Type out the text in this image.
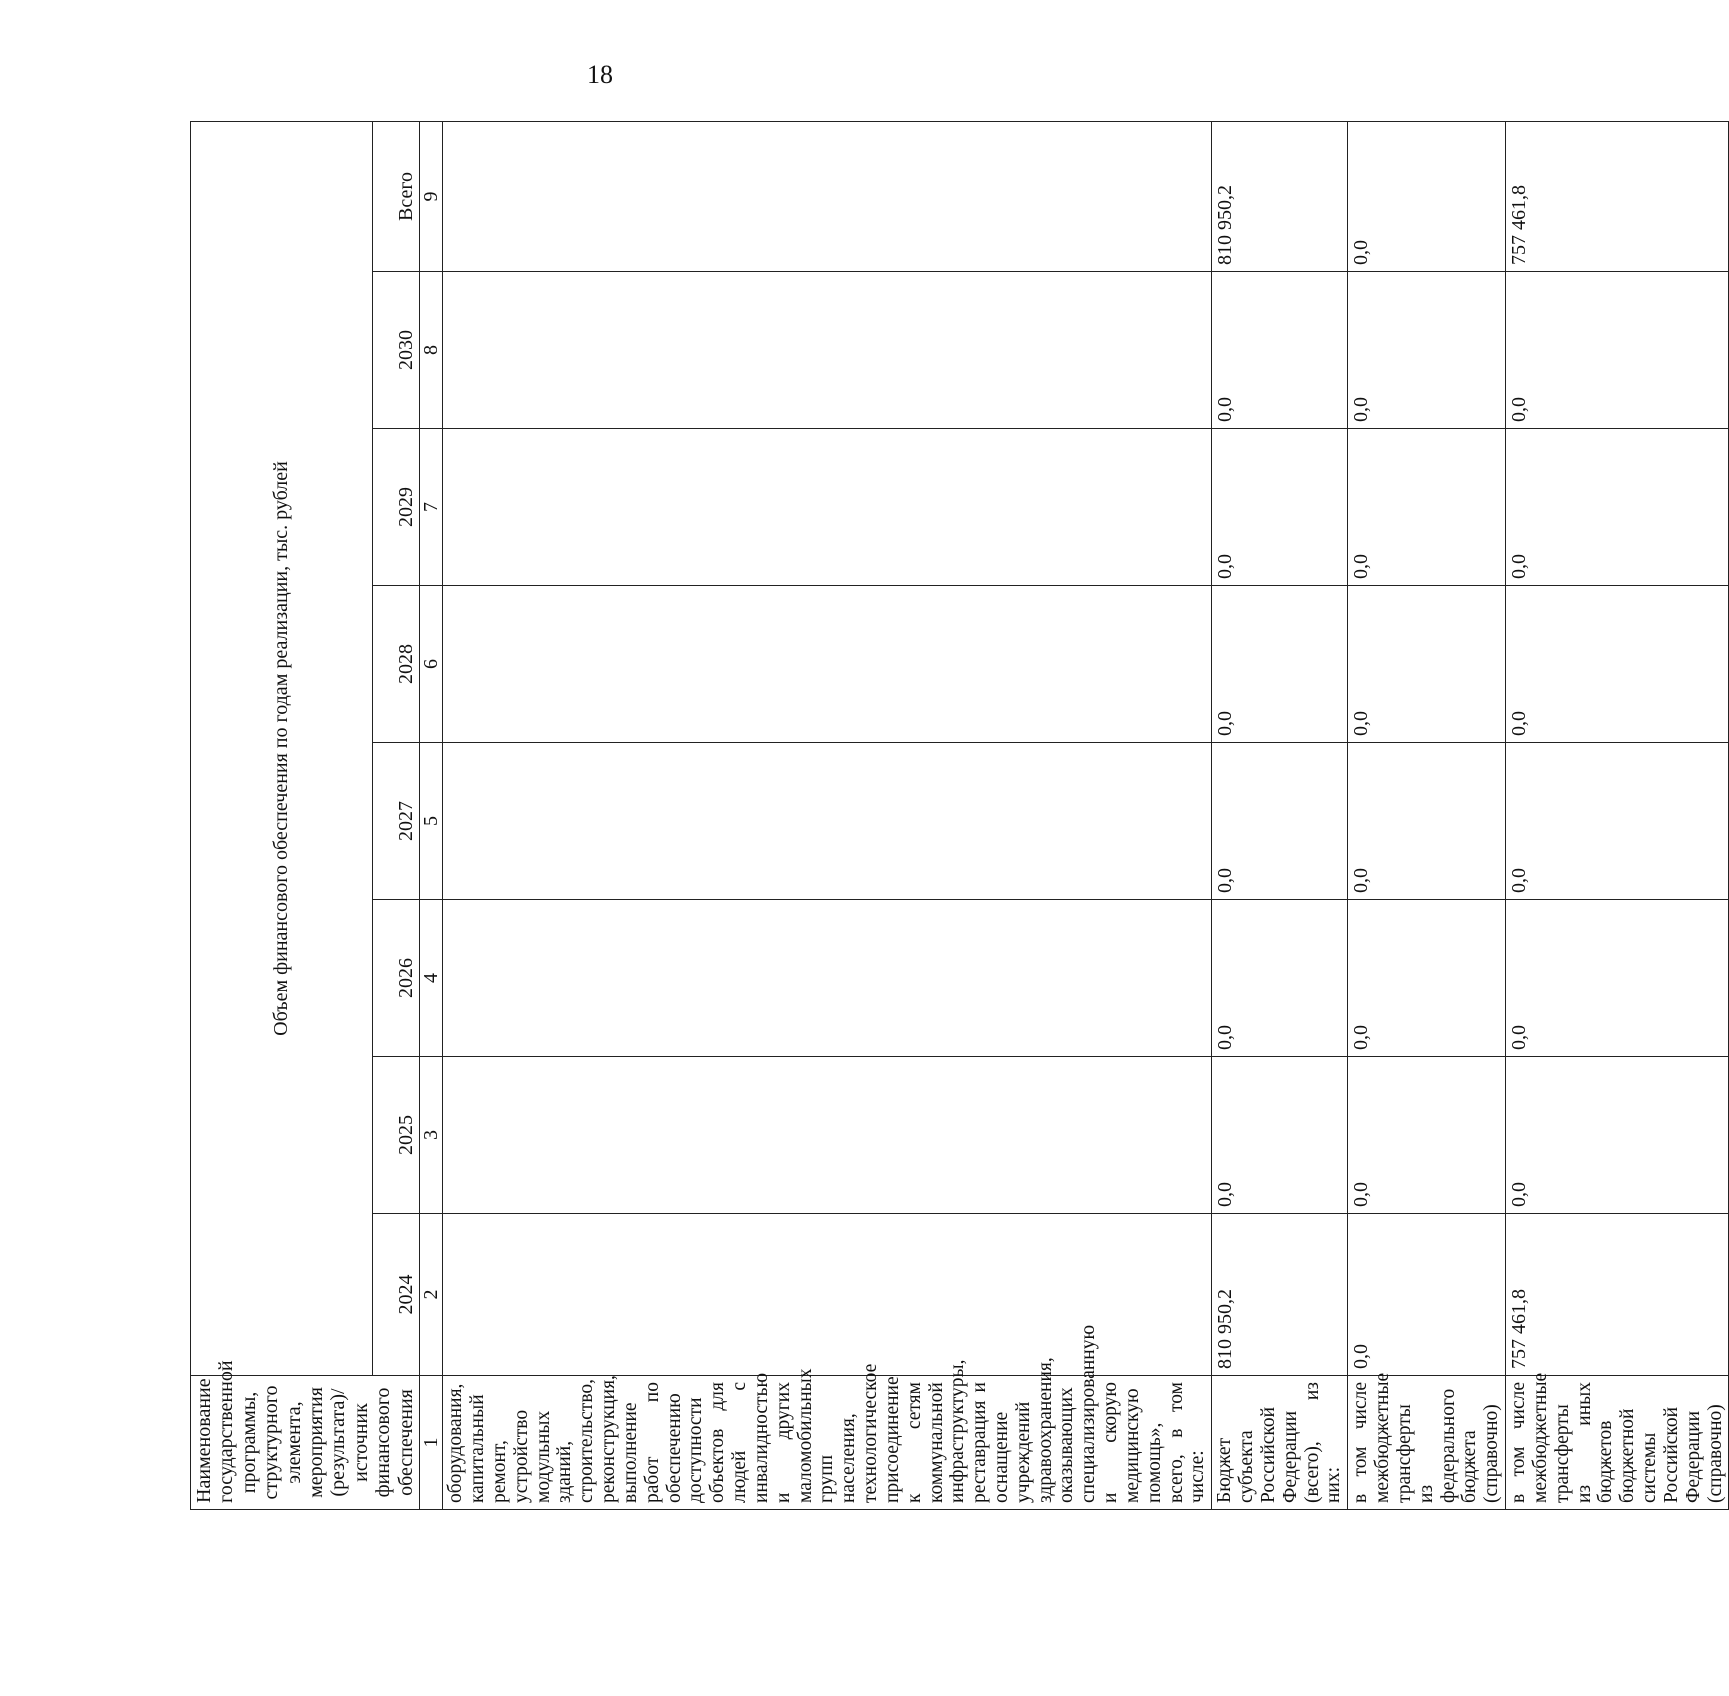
18
Наименование государственной программы, структурного элемента, мероприятия (результата)/источник финансового обеспечения	Объем финансового обеспечения по годам реализации, тыс. рублей							
	2024	2025	2026	2027	2028	2029	2030	Всего
1	2	3	4	5	6	7	8	9
оборудования, капитальный ремонт, устройство модульных зданий, строительство, реконструкция, выполнение работ по обеспечению доступности объектов для людей с инвалидностью и других маломобильных групп населения, технологическое присоединение к сетям коммунальной инфраструктуры, реставрация и оснащение учреждений здравоохранения, оказывающих специализированную и скорую медицинскую помощь», всего, в том числе:								
Бюджет субъекта Российской Федерации (всего), из них:	810 950,2	0,0	0,0	0,0	0,0	0,0	0,0	810 950,2
в том числе межбюджетные трансферты из федерального бюджета (справочно)	0,0	0,0	0,0	0,0	0,0	0,0	0,0	0,0
в том числе межбюджетные трансферты из иных бюджетов бюджетной системы Российской Федерации (справочно)	757 461,8	0,0	0,0	0,0	0,0	0,0	0,0	757 461,8
